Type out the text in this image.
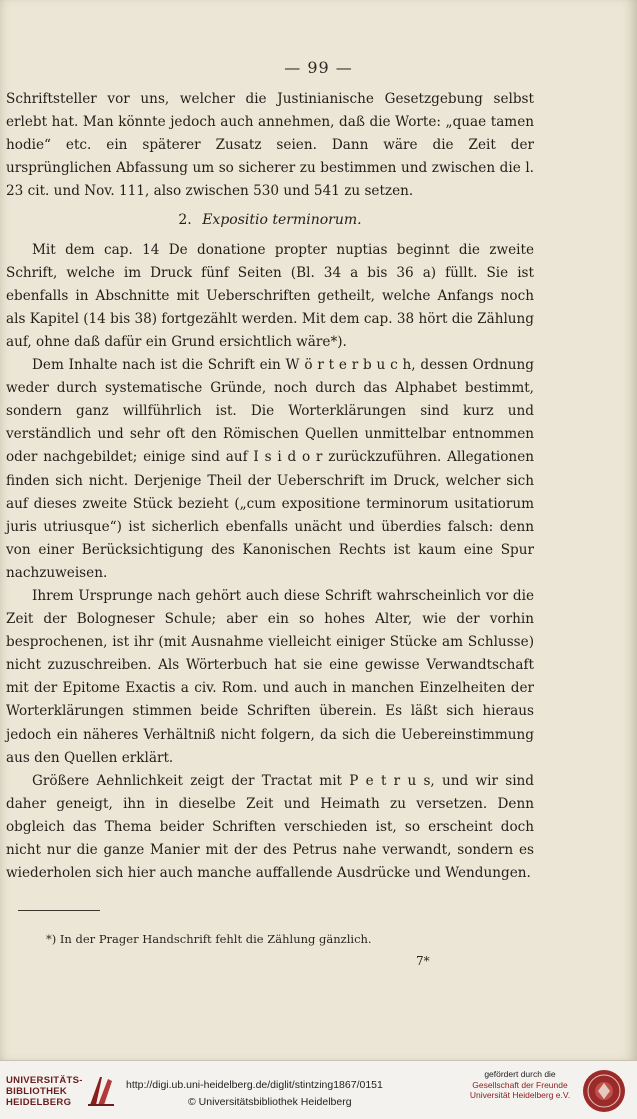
— 99 —

Schriftsteller vor uns, welcher die Justinianische Gesetzgebung selbst erlebt hat. Man könnte jedoch auch annehmen, daß die Worte: „quae tamen hodie“ etc. ein späterer Zusatz seien. Dann wäre die Zeit der ursprünglichen Abfassung um so sicherer zu bestimmen und zwischen die l. 23 cit. und Nov. 111, also zwischen 530 und 541 zu setzen.

2. Expositio terminorum.

Mit dem cap. 14 De donatione propter nuptias beginnt die zweite Schrift, welche im Druck fünf Seiten (Bl. 34 a bis 36 a) füllt. Sie ist ebenfalls in Abschnitte mit Ueberschriften getheilt, welche Anfangs noch als Kapitel (14 bis 38) fortgezählt werden. Mit dem cap. 38 hört die Zählung auf, ohne daß dafür ein Grund ersichtlich wäre*).

Dem Inhalte nach ist die Schrift ein W ö r t e r b u c h, dessen Ordnung weder durch systematische Gründe, noch durch das Alphabet bestimmt, sondern ganz willführlich ist. Die Worterklärungen sind kurz und verständlich und sehr oft den Römischen Quellen unmittelbar entnommen oder nachgebildet; einige sind auf I s i d o r zurückzuführen. Allegationen finden sich nicht. Derjenige Theil der Ueberschrift im Druck, welcher sich auf dieses zweite Stück bezieht („cum expositione terminorum usitatiorum juris utriusque“) ist sicherlich ebenfalls unächt und überdies falsch: denn von einer Berücksichtigung des Kanonischen Rechts ist kaum eine Spur nachzuweisen.

Ihrem Ursprunge nach gehört auch diese Schrift wahrscheinlich vor die Zeit der Bologneser Schule; aber ein so hohes Alter, wie der vorhin besprochenen, ist ihr (mit Ausnahme vielleicht einiger Stücke am Schlusse) nicht zuzuschreiben. Als Wörterbuch hat sie eine gewisse Verwandtschaft mit der Epitome Exactis a civ. Rom. und auch in manchen Einzelheiten der Worterklärungen stimmen beide Schriften überein. Es läßt sich hieraus jedoch ein näheres Verhältniß nicht folgern, da sich die Uebereinstimmung aus den Quellen erklärt.

Größere Aehnlichkeit zeigt der Tractat mit P e t r u s, und wir sind daher geneigt, ihn in dieselbe Zeit und Heimath zu versetzen. Denn obgleich das Thema beider Schriften verschieden ist, so erscheint doch nicht nur die ganze Manier mit der des Petrus nahe verwandt, sondern es wiederholen sich hier auch manche auffallende Ausdrücke und Wendungen.

*) In der Prager Handschrift fehlt die Zählung gänzlich.
7*
UNIVERSITÄTS-
BIBLIOTHEK
HEIDELBERG
http://digi.ub.uni-heidelberg.de/diglit/stintzing1867/0151
© Universitätsbibliothek Heidelberg
gefördert durch die
Gesellschaft der Freunde
Universität Heidelberg e.V.
